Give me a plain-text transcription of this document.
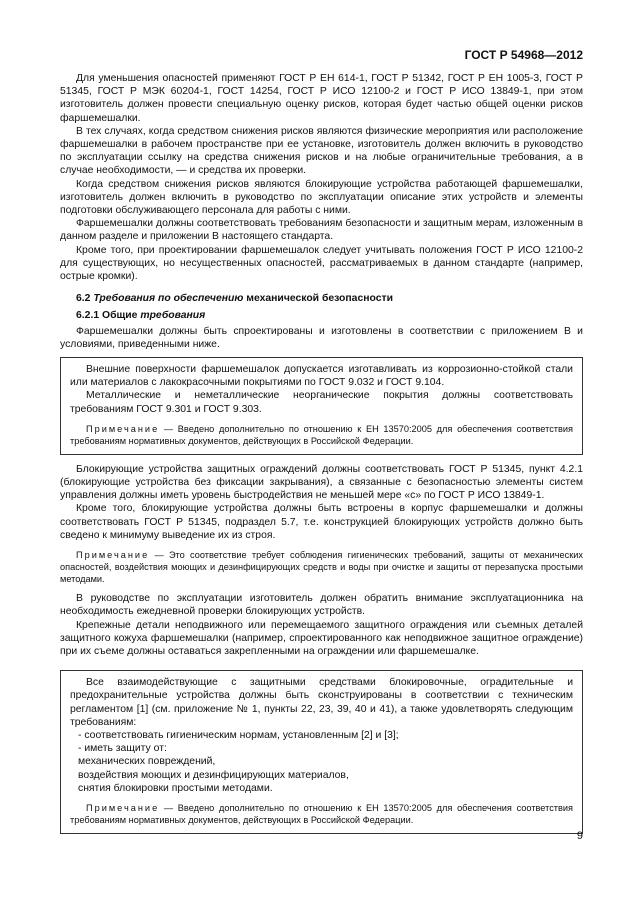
ГОСТ Р 54968—2012

Для уменьшения опасностей применяют ГОСТ Р ЕН 614-1, ГОСТ Р 51342, ГОСТ Р ЕН 1005-3, ГОСТ Р 51345, ГОСТ Р МЭК 60204-1, ГОСТ 14254, ГОСТ Р ИСО 12100-2 и ГОСТ Р ИСО 13849-1, при этом изготовитель должен провести специальную оценку рисков, которая будет частью общей оценки рисков фаршемешалки.

В тех случаях, когда средством снижения рисков являются физические мероприятия или расположение фаршемешалки в рабочем пространстве при ее установке, изготовитель должен включить в руководство по эксплуатации ссылку на средства снижения рисков и на любые ограничительные требования, а в случае необходимости, — и средства их проверки.

Когда средством снижения рисков являются блокирующие устройства работающей фаршемешалки, изготовитель должен включить в руководство по эксплуатации описание этих устройств и элементы подготовки обслуживающего персонала для работы с ними.

Фаршемешалки должны соответствовать требованиям безопасности и защитным мерам, изложенным в данном разделе и приложении В настоящего стандарта.

Кроме того, при проектировании фаршемешалок следует учитывать положения ГОСТ Р ИСО 12100-2 для существующих, но несущественных опасностей, рассматриваемых в данном стандарте (например, острые кромки).

6.2 Требования по обеспечению механической безопасности

6.2.1 Общие требования

Фаршемешалки должны быть спроектированы и изготовлены в соответствии с приложением В и условиями, приведенными ниже.

Внешние поверхности фаршемешалок допускается изготавливать из коррозионно-стойкой стали или материалов с лакокрасочными покрытиями по ГОСТ 9.032 и ГОСТ 9.104.

Металлические и неметаллические неорганические покрытия должны соответствовать требованиям ГОСТ 9.301 и ГОСТ 9.303.

Примечание — Введено дополнительно по отношению к ЕН 13570:2005 для обеспечения соответствия требованиям нормативных документов, действующих в Российской Федерации.

Блокирующие устройства защитных ограждений должны соответствовать ГОСТ Р 51345, пункт 4.2.1 (блокирующие устройства без фиксации закрывания), а связанные с безопасностью элементы систем управления должны иметь уровень быстродействия не меньшей мере «с» по ГОСТ Р ИСО 13849-1.

Кроме того, блокирующие устройства должны быть встроены в корпус фаршемешалки и должны соответствовать ГОСТ Р 51345, подраздел 5.7, т.е. конструкцией блокирующих устройств должно быть сведено к минимуму выведение их из строя.

Примечание — Это соответствие требует соблюдения гигиенических требований, защиты от механических опасностей, воздействия моющих и дезинфицирующих средств и воды при очистке и защиты от перезапуска простыми методами.

В руководстве по эксплуатации изготовитель должен обратить внимание эксплуатационника на необходимость ежедневной проверки блокирующих устройств.

Крепежные детали неподвижного или перемещаемого защитного ограждения или съемных деталей защитного кожуха фаршемешалки (например, спроектированного как неподвижное защитное ограждение) при их съеме должны оставаться закрепленными на ограждении или фаршемешалке.

Все взаимодействующие с защитными средствами блокировочные, оградительные и предохранительные устройства должны быть сконструированы в соответствии с техническим регламентом [1] (см. приложение № 1, пункты 22, 23, 39, 40 и 41), а также удовлетворять следующим требованиям:

- соответствовать гигиеническим нормам, установленным [2] и [3];

- иметь защиту от:

механических повреждений,

воздействия моющих и дезинфицирующих материалов,

снятия блокировки простыми методами.

Примечание — Введено дополнительно по отношению к ЕН 13570:2005 для обеспечения соответствия требованиям нормативных документов, действующих в Российской Федерации.

9
